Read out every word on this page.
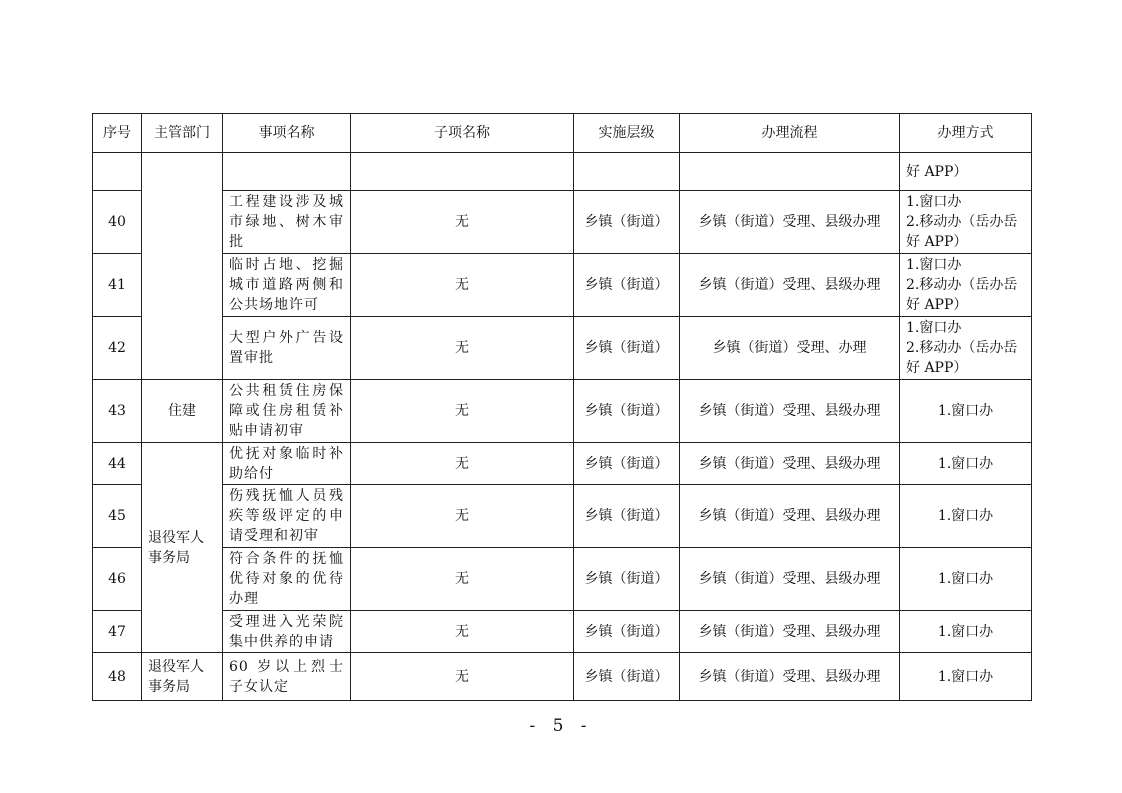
序号	主管部门	事项名称	子项名称	实施层级	办理流程	办理方式
						好 APP）
40		工程建设涉及城市绿地、树木审批	无	乡镇（街道）	乡镇（街道）受理、县级办理	1.窗口办
2.移动办（岳办岳
好 APP）

41		临时占地、挖掘城市道路两侧和公共场地许可	无	乡镇（街道）	乡镇（街道）受理、县级办理	1.窗口办
2.移动办（岳办岳
好 APP）

42		大型户外广告设置审批	无	乡镇（街道）	乡镇（街道）受理、办理	1.窗口办
2.移动办（岳办岳
好 APP）

43	住建	公共租赁住房保障或住房租赁补贴申请初审	无	乡镇（街道）	乡镇（街道）受理、县级办理	1.窗口办
44	退役军人事务局	优抚对象临时补助给付	无	乡镇（街道）	乡镇（街道）受理、县级办理	1.窗口办
45		伤残抚恤人员残疾等级评定的申请受理和初审	无	乡镇（街道）	乡镇（街道）受理、县级办理	1.窗口办
46		符合条件的抚恤优待对象的优待办理	无	乡镇（街道）	乡镇（街道）受理、县级办理	1.窗口办
47		受理进入光荣院集中供养的申请	无	乡镇（街道）	乡镇（街道）受理、县级办理	1.窗口办
48	退役军人事务局	60 岁以上烈士子女认定	无	乡镇（街道）	乡镇（街道）受理、县级办理	1.窗口办
- 5 -
